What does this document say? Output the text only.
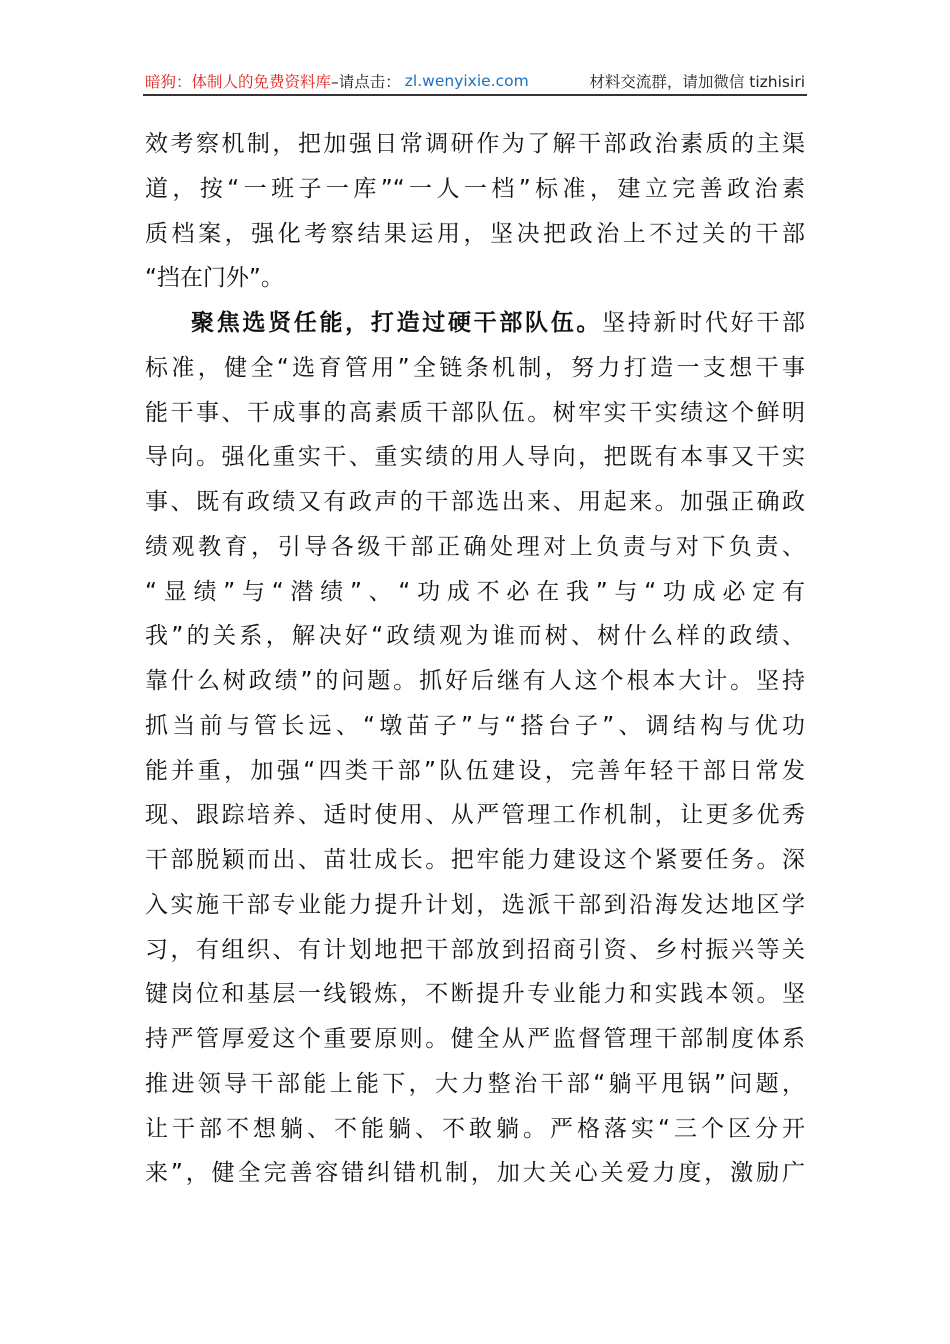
暗狗：体制人的免费资料库 –请点击： zl.wenyixie.com	材料交流群，请加微信 tizhisiri
效考察机制，把加强日常调研作为了解干部政治素质的主渠
道，按“一班子一库”“一人一档”标准，建立完善政治素
质档案，强化考察结果运用，坚决把政治上不过关的干部
“挡在门外”。
聚焦选贤任能，打造过硬干部队伍。坚持新时代好干部
标准，健全“选育管用”全链条机制，努力打造一支想干事
能干事、干成事的高素质干部队伍。树牢实干实绩这个鲜明
导向。强化重实干、重实绩的用人导向，把既有本事又干实
事、既有政绩又有政声的干部选出来、用起来。加强正确政
绩观教育，引导各级干部正确处理对上负责与对下负责、
“显绩”与“潜绩”、“功成不必在我”与“功成必定有
我”的关系，解决好“政绩观为谁而树、树什么样的政绩、
靠什么树政绩”的问题。抓好后继有人这个根本大计。坚持
抓当前与管长远、“墩苗子”与“搭台子”、调结构与优功
能并重，加强“四类干部”队伍建设，完善年轻干部日常发
现、跟踪培养、适时使用、从严管理工作机制，让更多优秀
干部脱颖而出、苗壮成长。把牢能力建设这个紧要任务。深
入实施干部专业能力提升计划，选派干部到沿海发达地区学
习，有组织、有计划地把干部放到招商引资、乡村振兴等关
键岗位和基层一线锻炼，不断提升专业能力和实践本领。坚
持严管厚爱这个重要原则。健全从严监督管理干部制度体系
推进领导干部能上能下，大力整治干部“躺平甩锅”问题，
让干部不想躺、不能躺、不敢躺。严格落实“三个区分开
来”，健全完善容错纠错机制，加大关心关爱力度，激励广
